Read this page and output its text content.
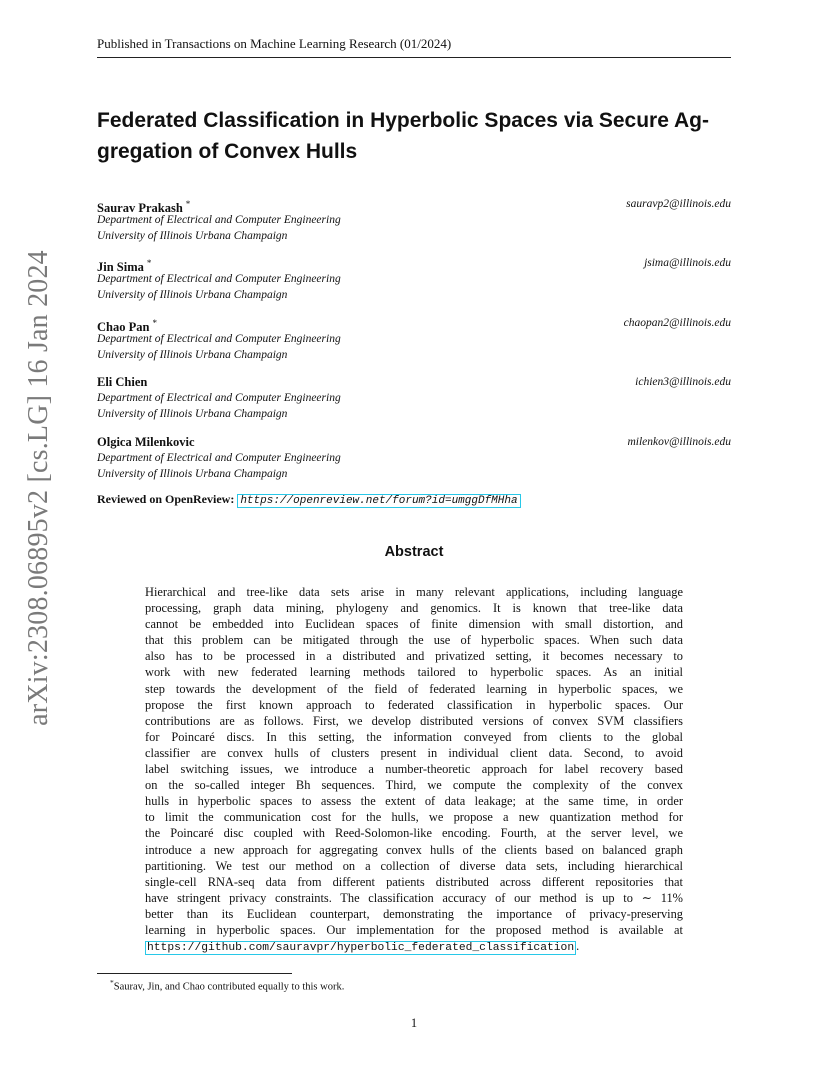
Published in Transactions on Machine Learning Research (01/2024)
arXiv:2308.06895v2 [cs.LG] 16 Jan 2024
Federated Classification in Hyperbolic Spaces via Secure Ag-
gregation of Convex Hulls
Saurav Prakash *	sauravp2@illinois.edu
Department of Electrical and Computer Engineering
University of Illinois Urbana Champaign
Jin Sima *	jsima@illinois.edu
Department of Electrical and Computer Engineering
University of Illinois Urbana Champaign
Chao Pan *	chaopan2@illinois.edu
Department of Electrical and Computer Engineering
University of Illinois Urbana Champaign
Eli Chien	ichien3@illinois.edu
Department of Electrical and Computer Engineering
University of Illinois Urbana Champaign
Olgica Milenkovic	milenkov@illinois.edu
Department of Electrical and Computer Engineering
University of Illinois Urbana Champaign
Reviewed on OpenReview: https://openreview.net/forum?id=umggDfMHha
Abstract
Hierarchical and tree-like data sets arise in many relevant applications, including language
processing, graph data mining, phylogeny and genomics. It is known that tree-like data
cannot be embedded into Euclidean spaces of finite dimension with small distortion, and
that this problem can be mitigated through the use of hyperbolic spaces. When such data
also has to be processed in a distributed and privatized setting, it becomes necessary to
work with new federated learning methods tailored to hyperbolic spaces. As an initial
step towards the development of the field of federated learning in hyperbolic spaces, we
propose the first known approach to federated classification in hyperbolic spaces. Our
contributions are as follows. First, we develop distributed versions of convex SVM classifiers
for Poincaré discs. In this setting, the information conveyed from clients to the global
classifier are convex hulls of clusters present in individual client data. Second, to avoid
label switching issues, we introduce a number-theoretic approach for label recovery based
on the so-called integer Bh sequences. Third, we compute the complexity of the convex
hulls in hyperbolic spaces to assess the extent of data leakage; at the same time, in order
to limit the communication cost for the hulls, we propose a new quantization method for
the Poincaré disc coupled with Reed-Solomon-like encoding. Fourth, at the server level, we
introduce a new approach for aggregating convex hulls of the clients based on balanced graph
partitioning. We test our method on a collection of diverse data sets, including hierarchical
single-cell RNA-seq data from different patients distributed across different repositories that
have stringent privacy constraints. The classification accuracy of our method is up to ∼ 11%
better than its Euclidean counterpart, demonstrating the importance of privacy-preserving
learning in hyperbolic spaces. Our implementation for the proposed method is available at
https://github.com/sauravpr/hyperbolic_federated_classification .
*Saurav, Jin, and Chao contributed equally to this work.
1
